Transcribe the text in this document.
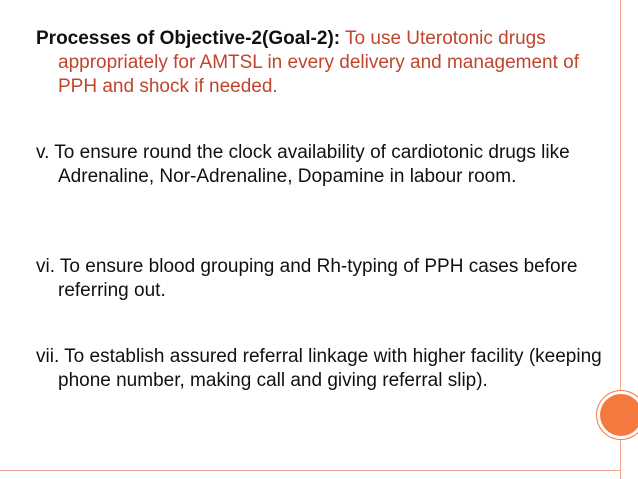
Processes of Objective-2(Goal-2): To use Uterotonic drugs appropriately for AMTSL in every delivery and management of PPH and shock if needed.

v. To ensure round the clock availability of cardiotonic drugs like Adrenaline, Nor-Adrenaline, Dopamine in labour room.

vi. To ensure blood grouping and Rh-typing of PPH cases before referring out.

vii. To establish assured referral linkage with higher facility (keeping phone number, making call and giving referral slip).
